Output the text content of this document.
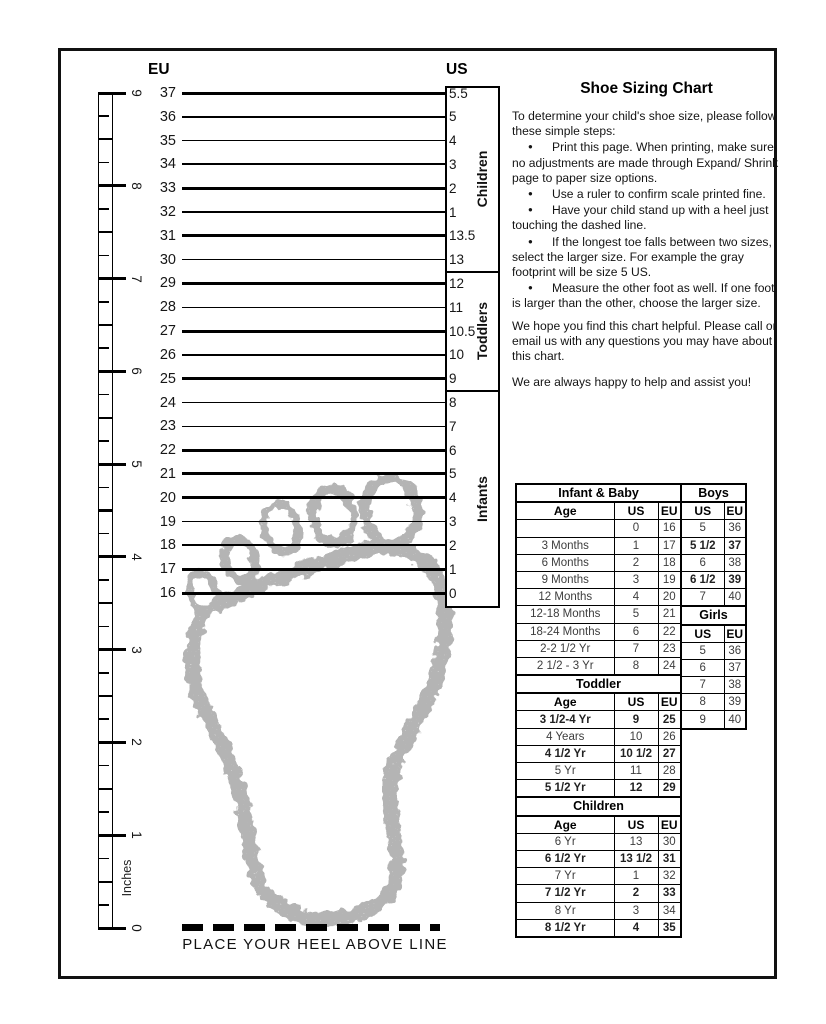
EU	US
Shoe Sizing Chart
9
8
7
6
5
4
3
2
1
0
Inches
37	5.5
36	5
35	4
34	3
33	2
32	1
31	13.5
30	13
29	12
28	11
27	10.5
26	10
25	9
24	8
23	7
22	6
21	5
20	4
19	3
18	2
17	1
16	0
Children
Toddlers
Infants

To determine your child's shoe size, please follow these simple steps:

● Print this page. When printing, make sure no adjustments are made through Expand/ Shrink page to paper size options.

● Use a ruler to confirm scale printed fine.

● Have your child stand up with a heel just touching the dashed line.

● If the longest toe falls between two sizes, select the larger size. For example the gray footprint will be size 5 US.

● Measure the other foot as well. If one foot is larger than the other, choose the larger size.

We hope you find this chart helpful. Please call or email us with any questions you may have about this chart.

We are always happy to help and assist you!

PLACE YOUR HEEL ABOVE LINE
Infant & Baby		
Age	US	EU
	0	16
3 Months	1	17
6 Months	2	18
9 Months	3	19
12 Months	4	20
12-18 Months	5	21
18-24 Months	6	22
2-2 1/2 Yr	7	23
2 1/2 - 3 Yr	8	24
Toddler		
Age	US	EU
3 1/2-4 Yr	9	25
4 Years	10	26
4 1/2 Yr	10 1/2	27
5 Yr	11	28
5 1/2 Yr	12	29
Children		
Age	US	EU
6 Yr	13	30
6 1/2 Yr	13 1/2	31
7 Yr	1	32
7 1/2 Yr	2	33
8 Yr	3	34
8 1/2 Yr	4	35
Boys	
US	EU
5	36
5 1/2	37
6	38
6 1/2	39
7	40
Girls	
US	EU
5	36
6	37
7	38
8	39
9	40
